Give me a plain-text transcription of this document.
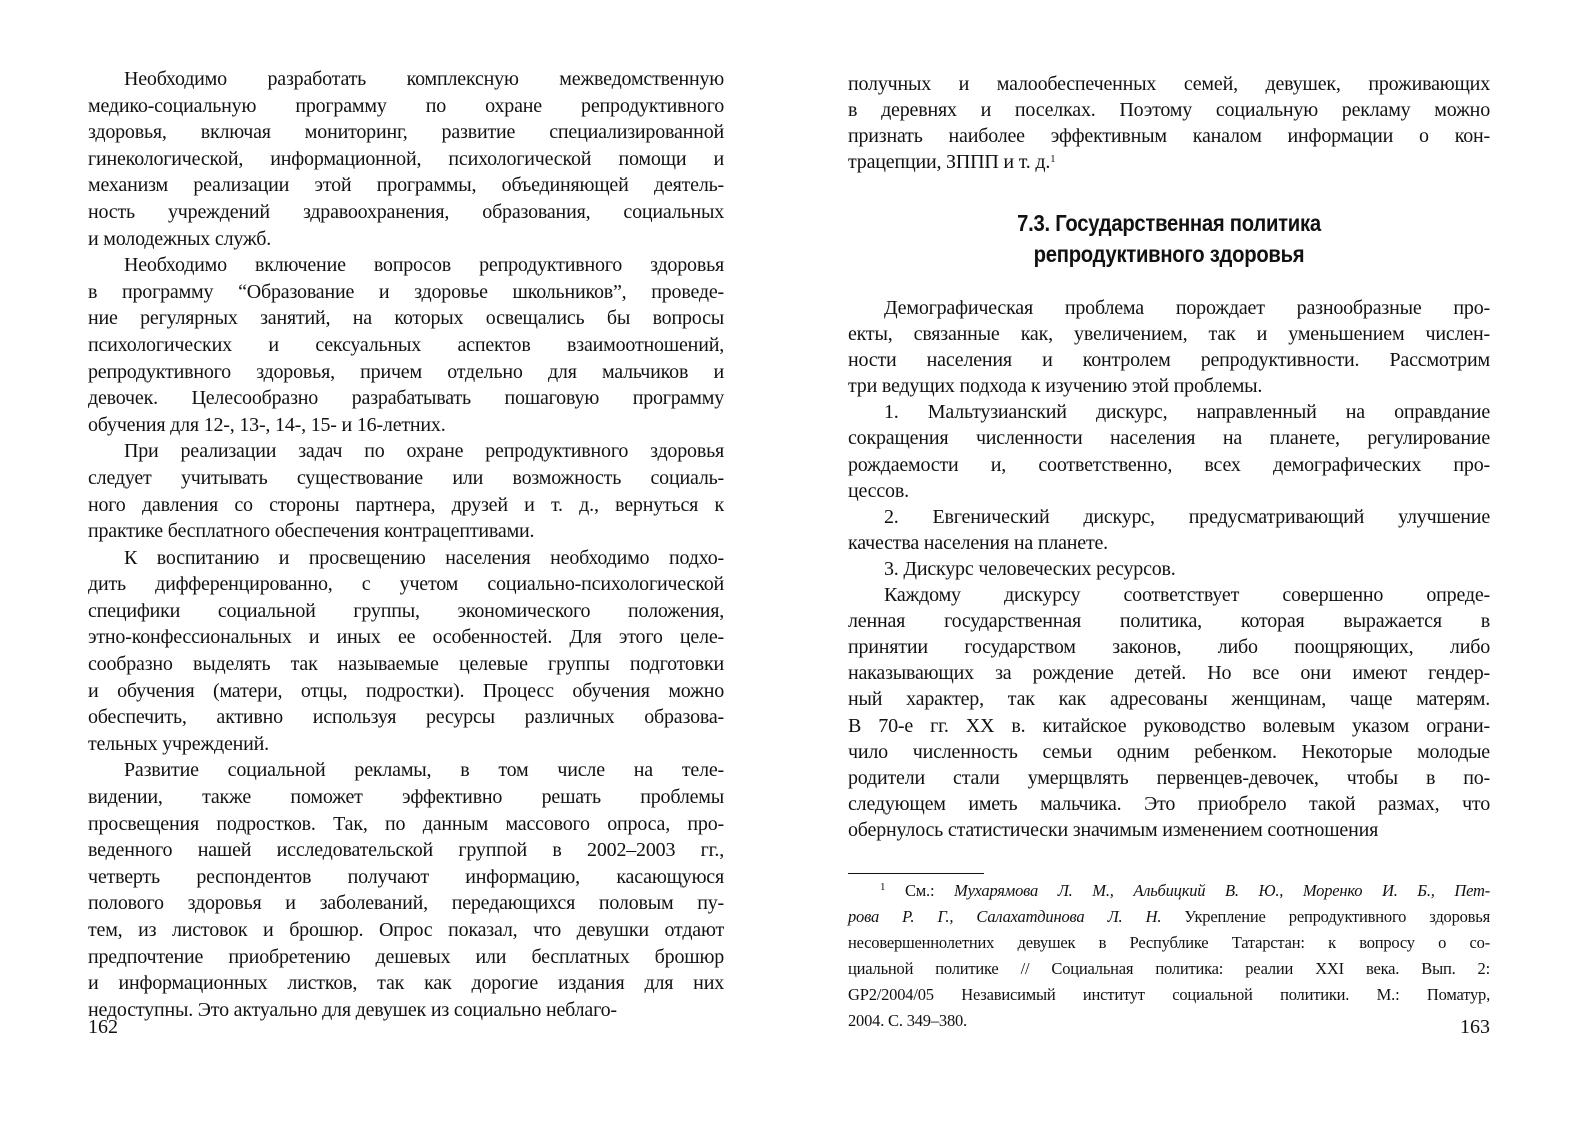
Необходимо разработать комплексную межведомственную
медико-социальную программу по охране репродуктивного
здоровья, включая мониторинг, развитие специализированной
гинекологической, информационной, психологической помощи и
механизм реализации этой программы, объединяющей деятель-
ность учреждений здравоохранения, образования, социальных
и молодежных служб.
Необходимо включение вопросов репродуктивного здоровья
в программу “Образование и здоровье школьников”, проведе-
ние регулярных занятий, на которых освещались бы вопросы
психологических и сексуальных аспектов взаимоотношений,
репродуктивного здоровья, причем отдельно для мальчиков и
девочек. Целесообразно разрабатывать пошаговую программу
обучения для 12-, 13-, 14-, 15- и 16-летних.
При реализации задач по охране репродуктивного здоровья
следует учитывать существование или возможность социаль-
ного давления со стороны партнера, друзей и т. д., вернуться к
практике бесплатного обеспечения контрацептивами.
К воспитанию и просвещению населения необходимо подхо-
дить дифференцированно, с учетом социально-психологической
специфики социальной группы, экономического положения,
этно-конфессиональных и иных ее особенностей. Для этого целе-
сообразно выделять так называемые целевые группы подготовки
и обучения (матери, отцы, подростки). Процесс обучения можно
обеспечить, активно используя ресурсы различных образова-
тельных учреждений.
Развитие социальной рекламы, в том числе на теле-
видении, также поможет эффективно решать проблемы
просвещения подростков. Так, по данным массового опроса, про-
веденного нашей исследовательской группой в 2002–2003 гг.,
четверть респондентов получают информацию, касающуюся
полового здоровья и заболеваний, передающихся половым пу-
тем, из листовок и брошюр. Опрос показал, что девушки отдают
предпочтение приобретению дешевых или бесплатных брошюр
и информационных листков, так как дорогие издания для них
недоступны. Это актуально для девушек из социально неблаго-
162
получных и малообеспеченных семей, девушек, проживающих
в деревнях и поселках. Поэтому социальную рекламу можно
признать наиболее эффективным каналом информации о кон-
трацепции, ЗППП и т. д.$^1$
7.3. Государственная политика
репродуктивного здоровья
Демографическая проблема порождает разнообразные про-
екты, связанные как, увеличением, так и уменьшением числен-
ности населения и контролем репродуктивности. Рассмотрим
три ведущих подхода к изучению этой проблемы.
1. Мальтузианский дискурс, направленный на оправдание
сокращения численности населения на планете, регулирование
рождаемости и, соответственно, всех демографических про-
цессов.
2. Евгенический дискурс, предусматривающий улучшение
качества населения на планете.
3. Дискурс человеческих ресурсов.
Каждому дискурсу соответствует совершенно опреде-
ленная государственная политика, которая выражается в
принятии государством законов, либо поощряющих, либо
наказывающих за рождение детей. Но все они имеют гендер-
ный характер, так как адресованы женщинам, чаще матерям.
В 70-е гг. XX в. китайское руководство волевым указом ограни-
чило численность семьи одним ребенком. Некоторые молодые
родители стали умерщвлять первенцев-девочек, чтобы в по-
следующем иметь мальчика. Это приобрело такой размах, что
обернулось статистически значимым изменением соотношения
$^1$ См.: Мухарямова Л. М., Альбицкий В. Ю., Моренко И. Б., Пет-
рова Р. Г., Салахатдинова Л. Н. Укрепление репродуктивного здоровья
несовершеннолетних девушек в Республике Татарстан: к вопросу о со-
циальной политике // Социальная политика: реалии XXI века. Вып. 2:
GP2/2004/05 Независимый институт социальной политики. М.: Поматур,
2004. С. 349–380.	163
